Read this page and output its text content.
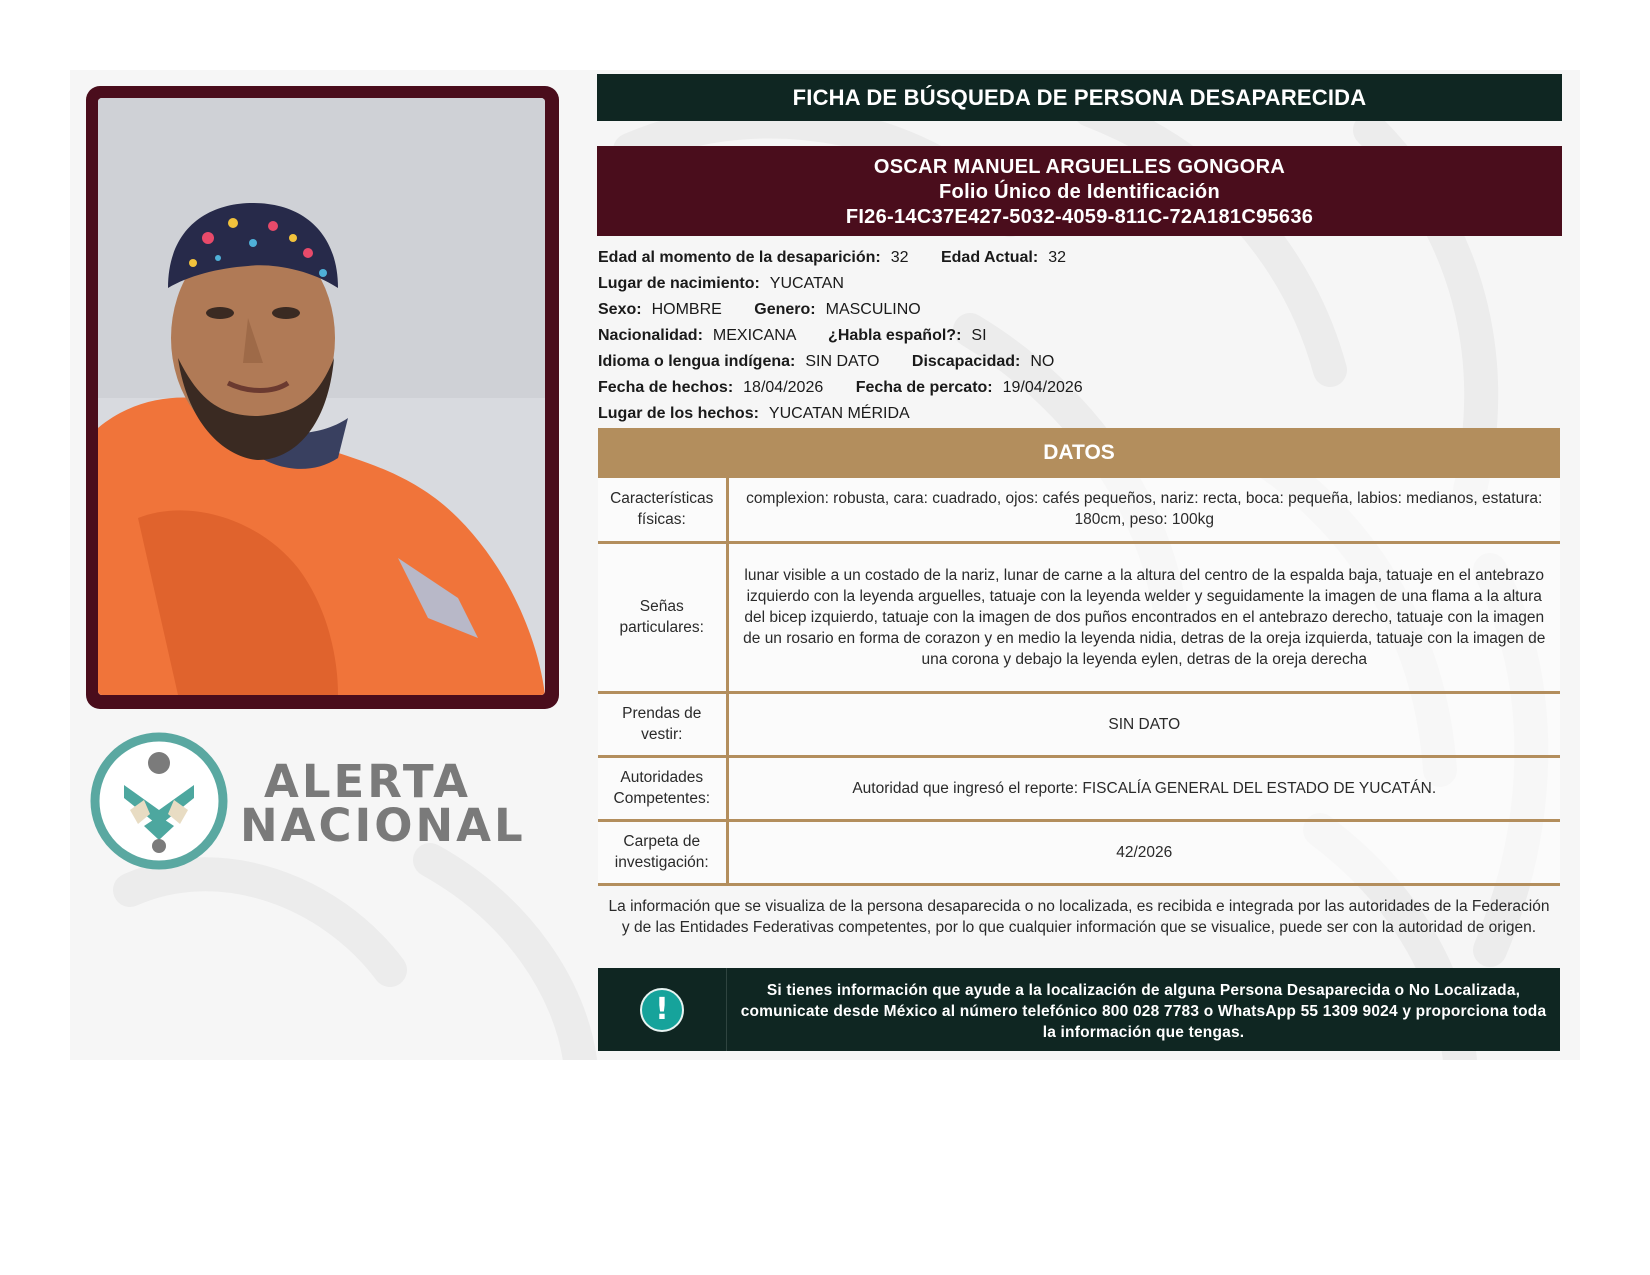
ALERTA
NACIONAL
FICHA DE BÚSQUEDA DE PERSONA DESAPARECIDA
OSCAR MANUEL ARGUELLES GONGORA
Folio Único de Identificación
FI26-14C37E427-5032-4059-811C-72A181C95636
Edad al momento de la desaparición: 32 Edad Actual: 32
Lugar de nacimiento: YUCATAN
Sexo: HOMBRE Genero: MASCULINO
Nacionalidad: MEXICANA ¿Habla español?: SI
Idioma o lengua indígena: SIN DATO Discapacidad: NO
Fecha de hechos: 18/04/2026 Fecha de percato: 19/04/2026
Lugar de los hechos: YUCATAN MÉRIDA
DATOS
Características físicas:	complexion: robusta, cara: cuadrado, ojos: cafés pequeños, nariz: recta, boca: pequeña, labios: medianos, estatura: 180cm, peso: 100kg
Señas particulares:	lunar visible a un costado de la nariz, lunar de carne a la altura del centro de la espalda baja, tatuaje en el antebrazo izquierdo con la leyenda arguelles, tatuaje con la leyenda welder y seguidamente la imagen de una flama a la altura del bicep izquierdo, tatuaje con la imagen de dos puños encontrados en el antebrazo derecho, tatuaje con la imagen de un rosario en forma de corazon y en medio la leyenda nidia, detras de la oreja izquierda, tatuaje con la imagen de una corona y debajo la leyenda eylen, detras de la oreja derecha
Prendas de vestir:	SIN DATO
Autoridades Competentes:	Autoridad que ingresó el reporte: FISCALÍA GENERAL DEL ESTADO DE YUCATÁN.
Carpeta de investigación:	42/2026
La información que se visualiza de la persona desaparecida o no localizada, es recibida e integrada por las autoridades de la Federación y de las Entidades Federativas competentes, por lo que cualquier información que se visualice, puede ser con la autoridad de origen.
!
Si tienes información que ayude a la localización de alguna Persona Desaparecida o No Localizada, comunicate desde México al número telefónico 800 028 7783 o WhatsApp 55 1309 9024 y proporciona toda la información que tengas.
